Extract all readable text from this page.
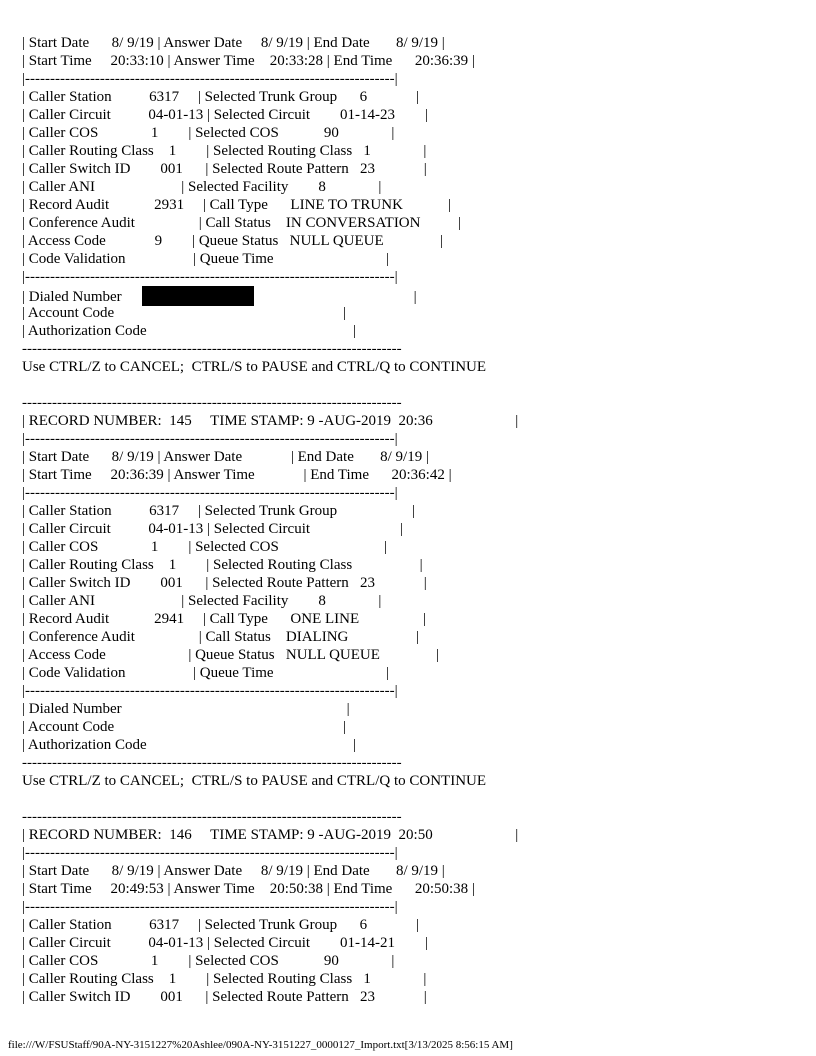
| Start Date      8/ 9/19 | Answer Date     8/ 9/19 | End Date       8/ 9/19 |
| Start Time     20:33:10 | Answer Time    20:33:28 | End Time      20:36:39 |
|--------------------------------------------------------------------------|
| Caller Station          6317     | Selected Trunk Group      6             |
| Caller Circuit          04-01-13 | Selected Circuit        01-14-23        |
| Caller COS              1        | Selected COS            90              |
| Caller Routing Class    1        | Selected Routing Class   1              |
| Caller Switch ID        001      | Selected Route Pattern   23             |
| Caller ANI                       | Selected Facility        8              |
| Record Audit            2931     | Call Type      LINE TO TRUNK            |
| Conference Audit                 | Call Status    IN CONVERSATION          |
| Access Code             9        | Queue Status   NULL QUEUE               |
| Code Validation                  | Queue Time                              |
|--------------------------------------------------------------------------|
| Dialed Number	|
| Account Code                                                             |
| Authorization Code                                                       |
----------------------------------------------------------------------------
Use CTRL/Z to CANCEL;  CTRL/S to PAUSE and CTRL/Q to CONTINUE
----------------------------------------------------------------------------
| RECORD NUMBER:  145     TIME STAMP: 9 -AUG-2019  20:36                      |
|--------------------------------------------------------------------------|
| Start Date      8/ 9/19 | Answer Date             | End Date       8/ 9/19 |
| Start Time     20:36:39 | Answer Time             | End Time      20:36:42 |
|--------------------------------------------------------------------------|
| Caller Station          6317     | Selected Trunk Group                    |
| Caller Circuit          04-01-13 | Selected Circuit                        |
| Caller COS              1        | Selected COS                            |
| Caller Routing Class    1        | Selected Routing Class                  |
| Caller Switch ID        001      | Selected Route Pattern   23             |
| Caller ANI                       | Selected Facility        8              |
| Record Audit            2941     | Call Type      ONE LINE                 |
| Conference Audit                 | Call Status    DIALING                  |
| Access Code                      | Queue Status   NULL QUEUE               |
| Code Validation                  | Queue Time                              |
|--------------------------------------------------------------------------|
| Dialed Number                                                            |
| Account Code                                                             |
| Authorization Code                                                       |
----------------------------------------------------------------------------
Use CTRL/Z to CANCEL;  CTRL/S to PAUSE and CTRL/Q to CONTINUE
----------------------------------------------------------------------------
| RECORD NUMBER:  146     TIME STAMP: 9 -AUG-2019  20:50                      |
|--------------------------------------------------------------------------|
| Start Date      8/ 9/19 | Answer Date     8/ 9/19 | End Date       8/ 9/19 |
| Start Time     20:49:53 | Answer Time    20:50:38 | End Time      20:50:38 |
|--------------------------------------------------------------------------|
| Caller Station          6317     | Selected Trunk Group      6             |
| Caller Circuit          04-01-13 | Selected Circuit        01-14-21        |
| Caller COS              1        | Selected COS            90              |
| Caller Routing Class    1        | Selected Routing Class   1              |
| Caller Switch ID        001      | Selected Route Pattern   23             |
file:///W/FSUStaff/90A-NY-3151227%20Ashlee/090A-NY-3151227_0000127_Import.txt[3/13/2025 8:56:15 AM]
